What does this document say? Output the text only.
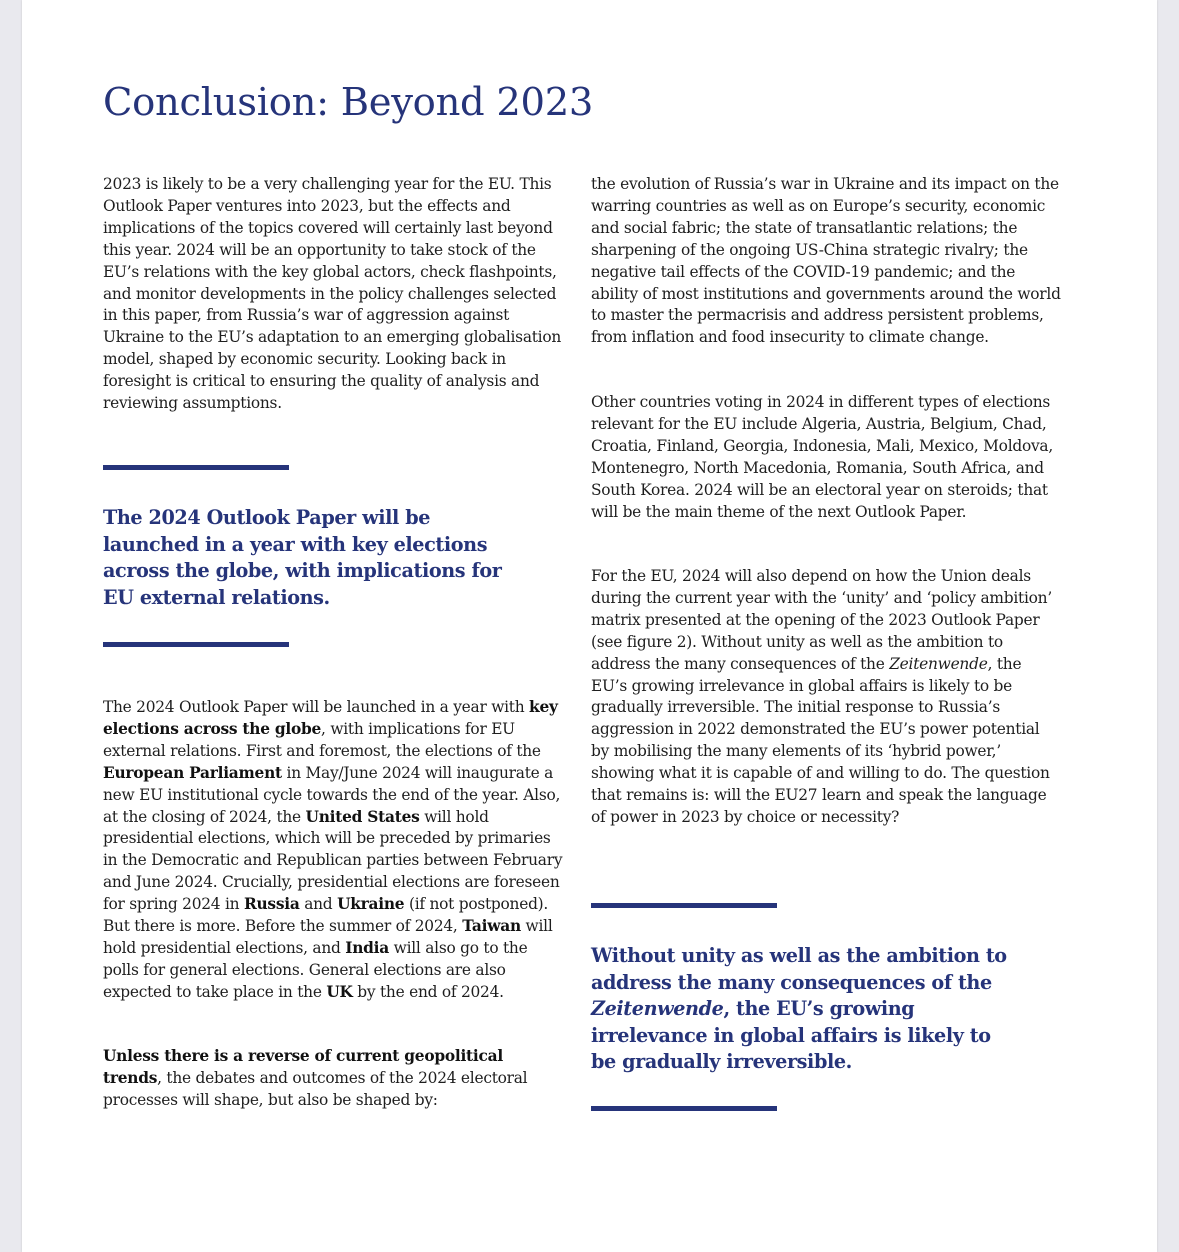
Conclusion: Beyond 2023

2023 is likely to be a very challenging year for the EU. This Outlook Paper ventures into 2023, but the effects and implications of the topics covered will certainly last beyond this year. 2024 will be an opportunity to take stock of the EU’s relations with the key global actors, check flashpoints, and monitor developments in the policy challenges selected in this paper, from Russia’s war of aggression against Ukraine to the EU’s adaptation to an emerging globalisation model, shaped by economic security. Looking back in foresight is critical to ensuring the quality of analysis and reviewing assumptions.

The 2024 Outlook Paper will be launched in a year with key elections across the globe, with implications for EU external relations.

The 2024 Outlook Paper will be launched in a year with key elections across the globe, with implications for EU external relations. First and foremost, the elections of the European Parliament in May/June 2024 will inaugurate a new EU institutional cycle towards the end of the year. Also, at the closing of 2024, the United States will hold presidential elections, which will be preceded by primaries in the Democratic and Republican parties between February and June 2024. Crucially, presidential elections are foreseen for spring 2024 in Russia and Ukraine (if not postponed). But there is more. Before the summer of 2024, Taiwan will hold presidential elections, and India will also go to the polls for general elections. General elections are also expected to take place in the UK by the end of 2024.

Unless there is a reverse of current geopolitical trends, the debates and outcomes of the 2024 electoral processes will shape, but also be shaped by:

the evolution of Russia’s war in Ukraine and its impact on the warring countries as well as on Europe’s security, economic and social fabric; the state of transatlantic relations; the sharpening of the ongoing US-China strategic rivalry; the negative tail effects of the COVID-19 pandemic; and the ability of most institutions and governments around the world to master the permacrisis and address persistent problems, from inflation and food insecurity to climate change.

Other countries voting in 2024 in different types of elections relevant for the EU include Algeria, Austria, Belgium, Chad, Croatia, Finland, Georgia, Indonesia, Mali, Mexico, Moldova, Montenegro, North Macedonia, Romania, South Africa, and South Korea. 2024 will be an electoral year on steroids; that will be the main theme of the next Outlook Paper.

For the EU, 2024 will also depend on how the Union deals during the current year with the ‘unity’ and ‘policy ambition’ matrix presented at the opening of the 2023 Outlook Paper (see figure 2). Without unity as well as the ambition to address the many consequences of the Zeitenwende, the EU’s growing irrelevance in global affairs is likely to be gradually irreversible. The initial response to Russia’s aggression in 2022 demonstrated the EU’s power potential by mobilising the many elements of its ‘hybrid power,’ showing what it is capable of and willing to do. The question that remains is: will the EU27 learn and speak the language of power in 2023 by choice or necessity?

Without unity as well as the ambition to address the many consequences of the Zeitenwende, the EU’s growing irrelevance in global affairs is likely to be gradually irreversible.
